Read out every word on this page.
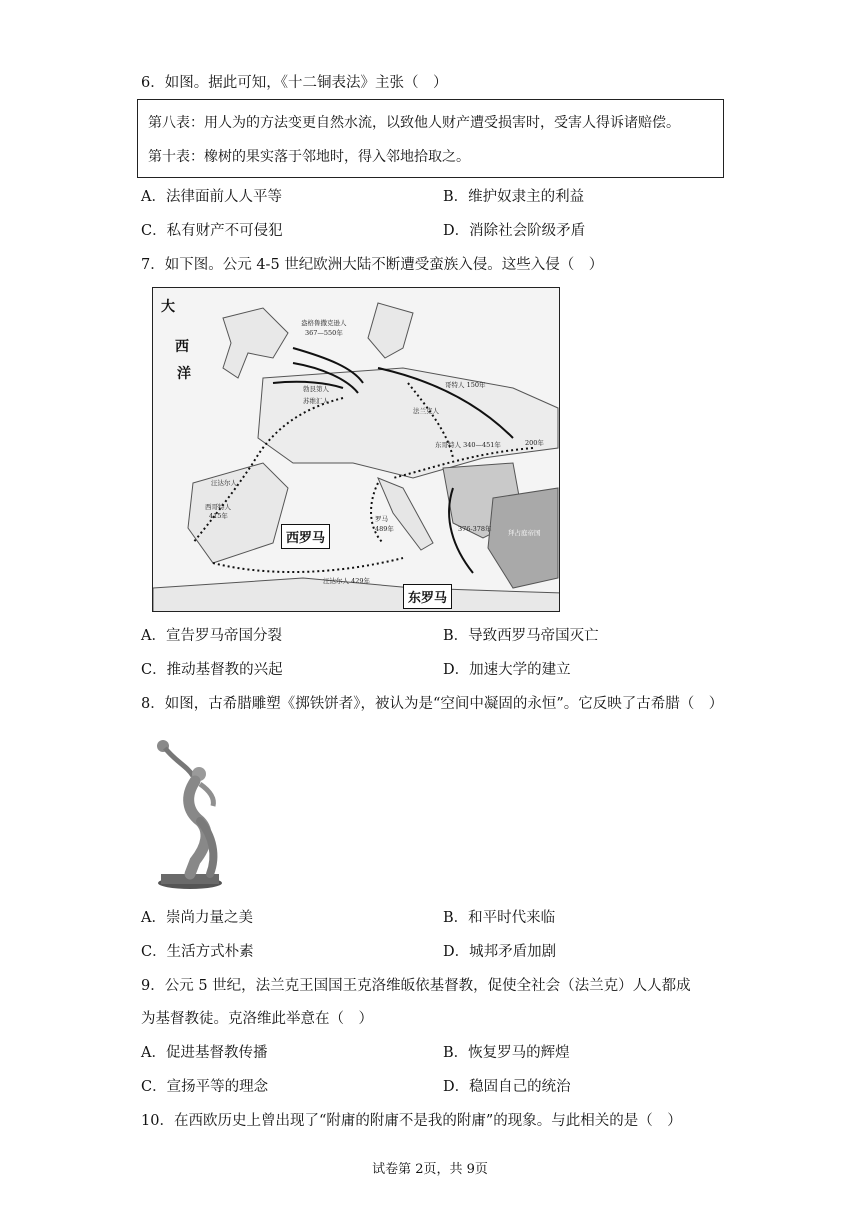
6．如图。据此可知，《十二铜表法》主张（　）
第八表：用人为的方法变更自然水流，以致他人财产遭受损害时，受害人得诉诸赔偿。
第十表：橡树的果实落于邻地时，得入邻地拾取之。
A．法律面前人人平等	B．维护奴隶主的利益
C．私有财产不可侵犯	D．消除社会阶级矛盾
7．如下图。公元 4-5 世纪欧洲大陆不断遭受蛮族入侵。这些入侵（　）
大
西
洋
西罗马
东罗马
盎格鲁撒克逊人
367—550年
哥特人 150年
法兰克人
勃艮第人
苏维汇人
汪达尔人
西哥特人
415年
东哥特人 340—451年	200年
汪达尔人 429年
罗马
489年	376-378年	拜占庭帝国
A．宣告罗马帝国分裂	B．导致西罗马帝国灭亡
C．推动基督教的兴起	D．加速大学的建立
8．如图，古希腊雕塑《掷铁饼者》，被认为是“空间中凝固的永恒”。它反映了古希腊（　）
A．崇尚力量之美	B．和平时代来临
C．生活方式朴素	D．城邦矛盾加剧
9．公元 5 世纪，法兰克王国国王克洛维皈依基督教，促使全社会（法兰克）人人都成
为基督教徒。克洛维此举意在（　）
A．促进基督教传播	B．恢复罗马的辉煌
C．宣扬平等的理念	D．稳固自己的统治
10．在西欧历史上曾出现了“附庸的附庸不是我的附庸”的现象。与此相关的是（　）
试卷第 2页，共 9页
